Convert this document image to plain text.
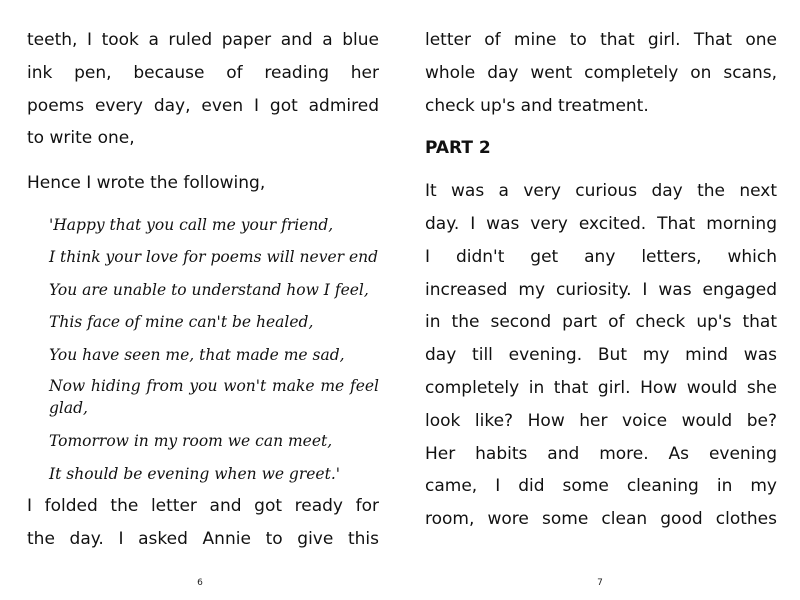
teeth, I took a ruled paper and a blue

ink pen, because of reading her

poems every day, even I got admired

to write one,

Hence I wrote the following,

'Happy that you call me your friend,

I think your love for poems will never end

You are unable to understand how I feel,

This face of mine can't be healed,

You have seen me, that made me sad,

Now hiding from you won't make me feel
glad,

Tomorrow in my room we can meet,

It should be evening when we greet.'

I folded the letter and got ready for

the day. I asked Annie to give this

6

letter of mine to that girl. That one

whole day went completely on scans,

check up's and treatment.

PART 2

It was a very curious day the next

day. I was very excited. That morning

I didn't get any letters, which

increased my curiosity. I was engaged

in the second part of check up's that

day till evening. But my mind was

completely in that girl. How would she

look like? How her voice would be?

Her habits and more. As evening

came, I did some cleaning in my

room, wore some clean good clothes

7
